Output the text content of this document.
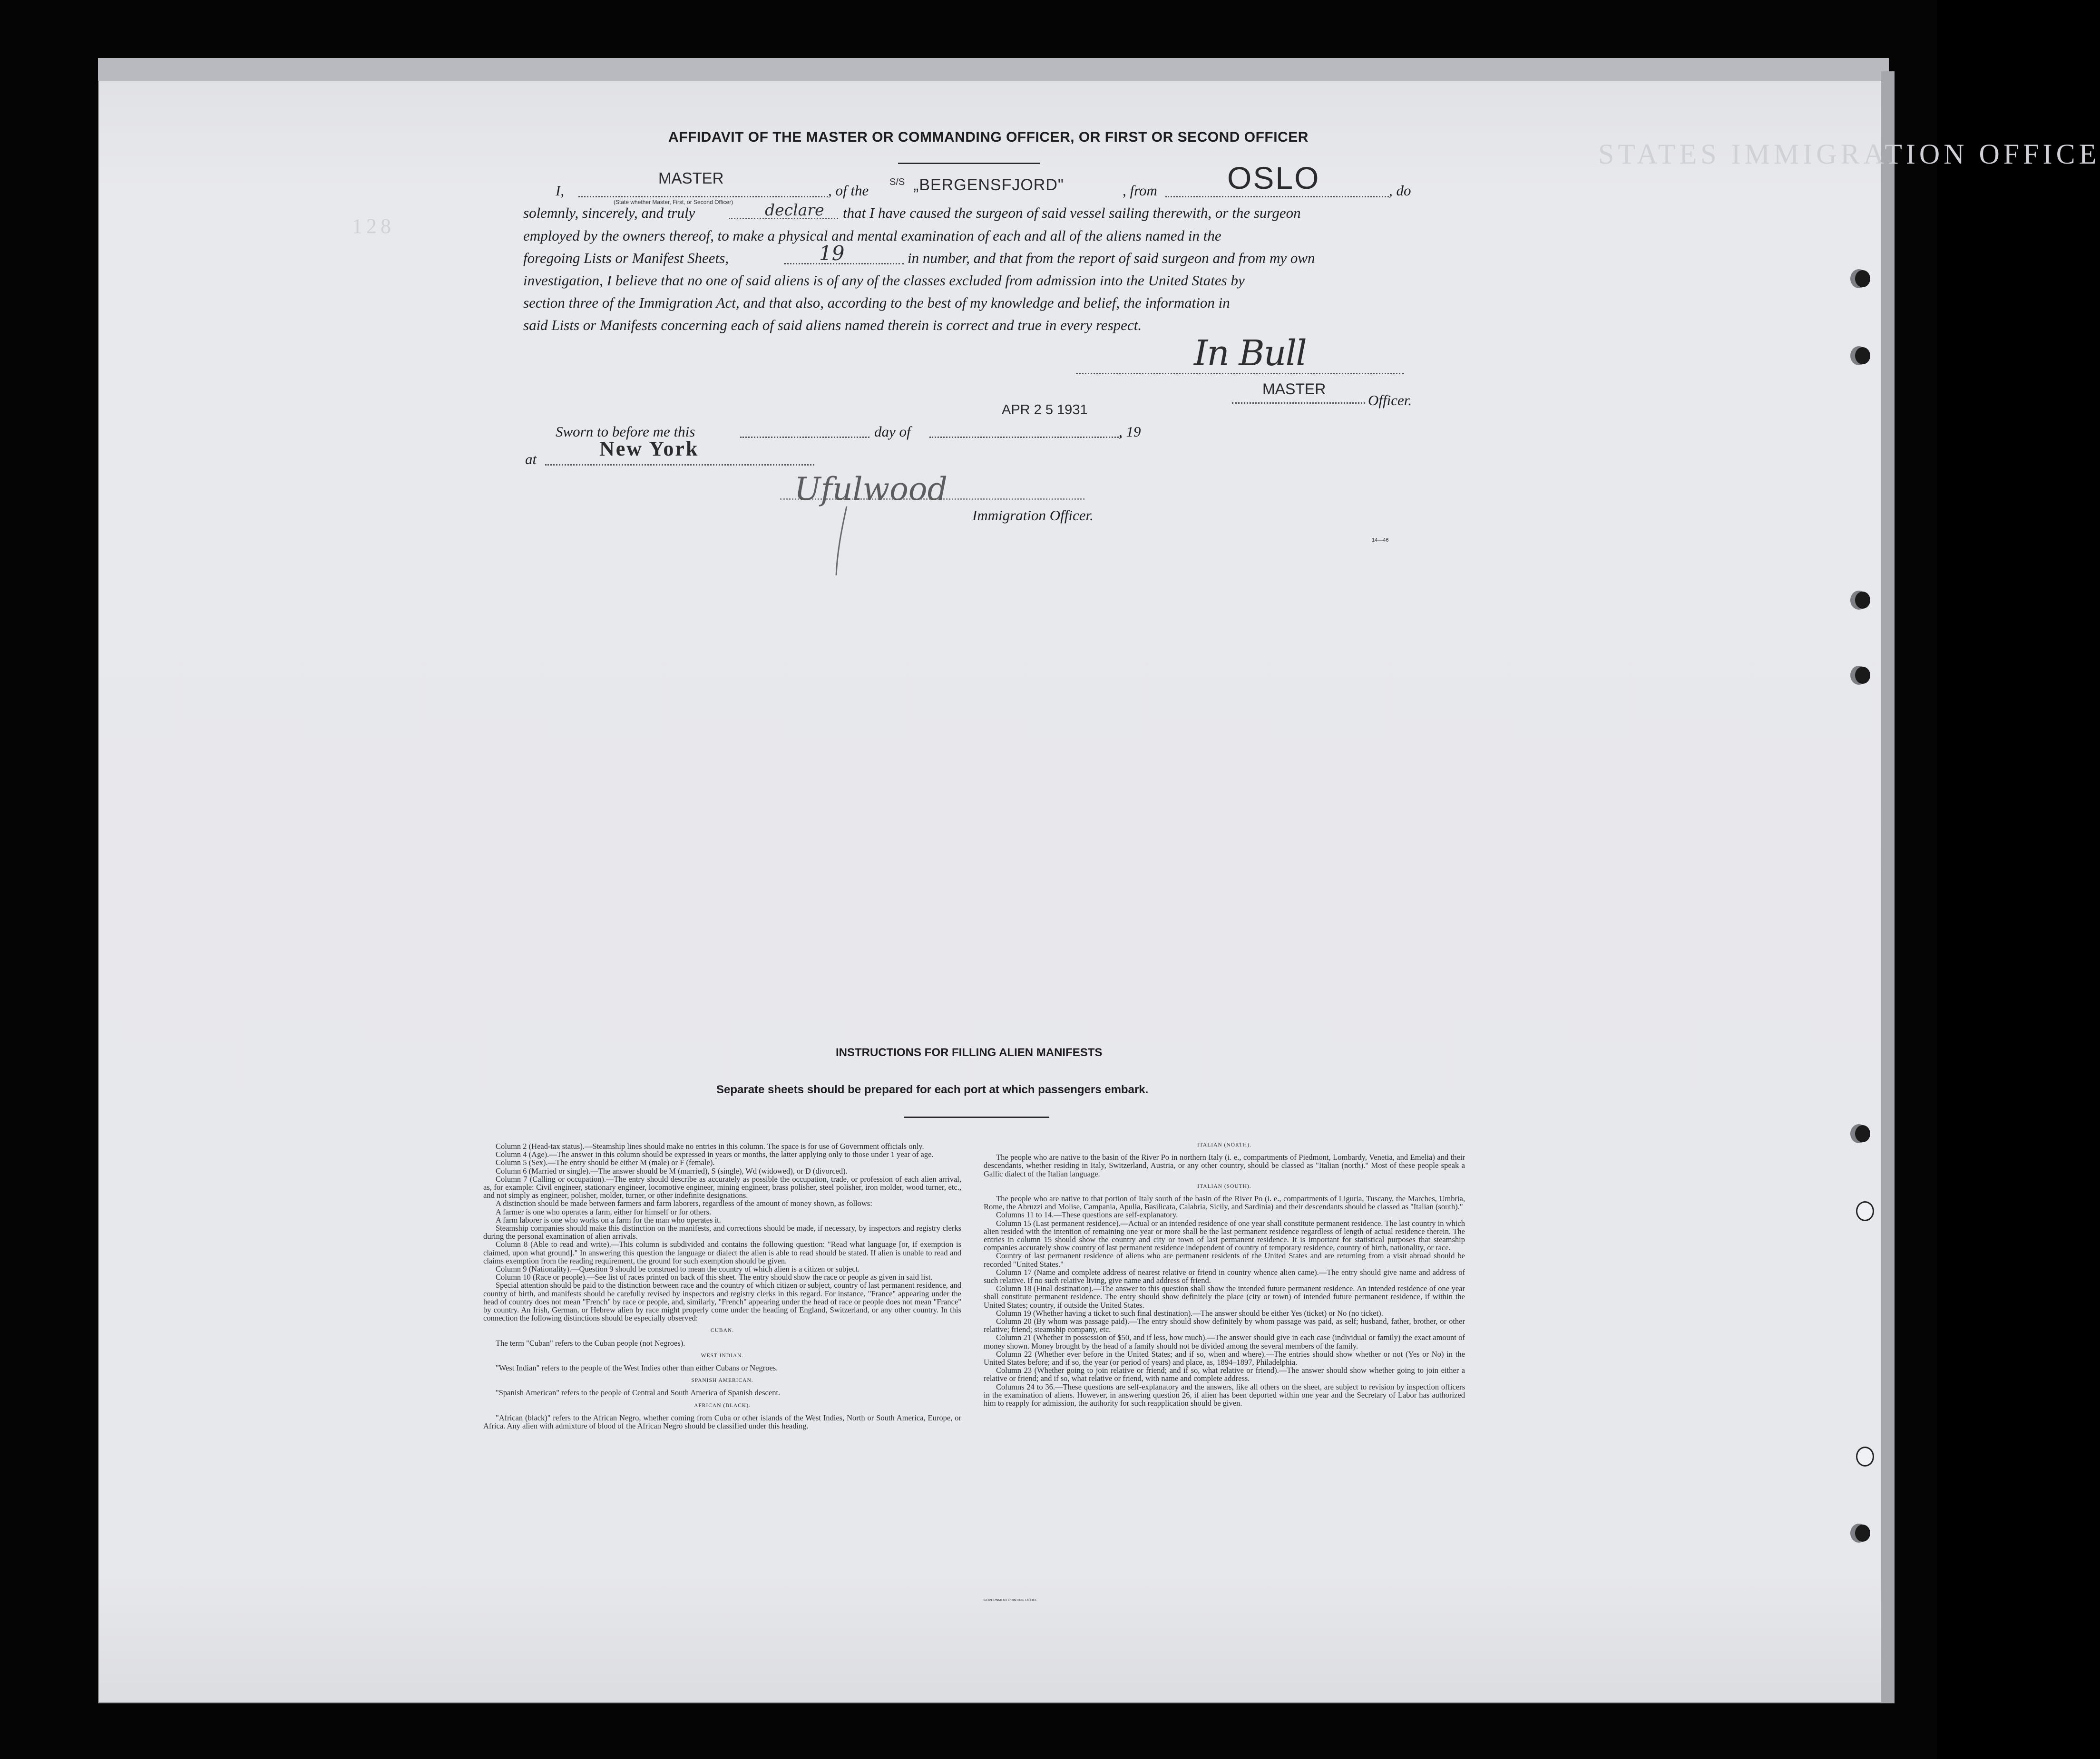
STATES IMMIGRATION OFFICE
128
AFFIDAVIT OF THE MASTER OR COMMANDING OFFICER, OR FIRST OR SECOND OFFICER
I,
MASTER
(State whether Master, First, or Second Officer)
, of the S/S „BERGENSFJORD"	, from OSLO	, do
solemnly, sincerely, and truly	declare that I have caused the surgeon of said vessel sailing therewith, or the surgeon
employed by the owners thereof, to make a physical and mental examination of each and all of the aliens named in the
foregoing Lists or Manifest Sheets,	19	in number, and that from the report of said surgeon and from my own
investigation, I believe that no one of said aliens is of any of the classes excluded from admission into the United States by
section three of the Immigration Act, and that also, according to the best of my knowledge and belief, the information in
said Lists or Manifests concerning each of said aliens named therein is correct and true in every respect.
In Bull
MASTER
Officer.
APR 2 5 1931
Sworn to before me this	day of	, 19
at	New York
Ufulwood
Immigration Officer.
14—46
INSTRUCTIONS FOR FILLING ALIEN MANIFESTS
Separate sheets should be prepared for each port at which passengers embark.

Column 2 (Head-tax status).—Steamship lines should make no entries in this column. The space is for use of Government officials only.

Column 4 (Age).—The answer in this column should be expressed in years or months, the latter applying only to those under 1 year of age.

Column 5 (Sex).—The entry should be either M (male) or F (female).

Column 6 (Married or single).—The answer should be M (married), S (single), Wd (widowed), or D (divorced).

Column 7 (Calling or occupation).—The entry should describe as accurately as possible the occupation, trade, or profession of each alien arrival, as, for example: Civil engineer, stationary engineer, locomotive engineer, mining engineer, brass polisher, steel polisher, iron molder, wood turner, etc., and not simply as engineer, polisher, molder, turner, or other indefinite designations.

A distinction should be made between farmers and farm laborers, regardless of the amount of money shown, as follows:

A farmer is one who operates a farm, either for himself or for others.

A farm laborer is one who works on a farm for the man who operates it.

Steamship companies should make this distinction on the manifests, and corrections should be made, if necessary, by inspectors and registry clerks during the personal examination of alien arrivals.

Column 8 (Able to read and write).—This column is subdivided and contains the following question: "Read what language [or, if exemption is claimed, upon what ground]." In answering this question the language or dialect the alien is able to read should be stated. If alien is unable to read and claims exemption from the reading requirement, the ground for such exemption should be given.

Column 9 (Nationality).—Question 9 should be construed to mean the country of which alien is a citizen or subject.

Column 10 (Race or people).—See list of races printed on back of this sheet. The entry should show the race or people as given in said list.

Special attention should be paid to the distinction between race and the country of which citizen or subject, country of last permanent residence, and country of birth, and manifests should be carefully revised by inspectors and registry clerks in this regard. For instance, "France" appearing under the head of country does not mean "French" by race or people, and, similarly, "French" appearing under the head of race or people does not mean "France" by country. An Irish, German, or Hebrew alien by race might properly come under the heading of England, Switzerland, or any other country. In this connection the following distinctions should be especially observed:

CUBAN.

The term "Cuban" refers to the Cuban people (not Negroes).

WEST INDIAN.

"West Indian" refers to the people of the West Indies other than either Cubans or Negroes.

SPANISH AMERICAN.

"Spanish American" refers to the people of Central and South America of Spanish descent.

AFRICAN (BLACK).

"African (black)" refers to the African Negro, whether coming from Cuba or other islands of the West Indies, North or South America, Europe, or Africa. Any alien with admixture of blood of the African Negro should be classified under this heading.

ITALIAN (NORTH).

The people who are native to the basin of the River Po in northern Italy (i. e., compartments of Piedmont, Lombardy, Venetia, and Emelia) and their descendants, whether residing in Italy, Switzerland, Austria, or any other country, should be classed as "Italian (north)." Most of these people speak a Gallic dialect of the Italian language.

ITALIAN (SOUTH).

The people who are native to that portion of Italy south of the basin of the River Po (i. e., compartments of Liguria, Tuscany, the Marches, Umbria, Rome, the Abruzzi and Molise, Campania, Apulia, Basilicata, Calabria, Sicily, and Sardinia) and their descendants should be classed as "Italian (south)."

Columns 11 to 14.—These questions are self-explanatory.

Column 15 (Last permanent residence).—Actual or an intended residence of one year shall constitute permanent residence. The last country in which alien resided with the intention of remaining one year or more shall be the last permanent residence regardless of length of actual residence therein. The entries in column 15 should show the country and city or town of last permanent residence. It is important for statistical purposes that steamship companies accurately show country of last permanent residence independent of country of temporary residence, country of birth, nationality, or race.

Country of last permanent residence of aliens who are permanent residents of the United States and are returning from a visit abroad should be recorded "United States."

Column 17 (Name and complete address of nearest relative or friend in country whence alien came).—The entry should give name and address of such relative. If no such relative living, give name and address of friend.

Column 18 (Final destination).—The answer to this question shall show the intended future permanent residence. An intended residence of one year shall constitute permanent residence. The entry should show definitely the place (city or town) of intended future permanent residence, if within the United States; country, if outside the United States.

Column 19 (Whether having a ticket to such final destination).—The answer should be either Yes (ticket) or No (no ticket).

Column 20 (By whom was passage paid).—The entry should show definitely by whom passage was paid, as self; husband, father, brother, or other relative; friend; steamship company, etc.

Column 21 (Whether in possession of $50, and if less, how much).—The answer should give in each case (individual or family) the exact amount of money shown. Money brought by the head of a family should not be divided among the several members of the family.

Column 22 (Whether ever before in the United States; and if so, when and where).—The entries should show whether or not (Yes or No) in the United States before; and if so, the year (or period of years) and place, as, 1894–1897, Philadelphia.

Column 23 (Whether going to join relative or friend; and if so, what relative or friend).—The answer should show whether going to join either a relative or friend; and if so, what relative or friend, with name and complete address.

Columns 24 to 36.—These questions are self-explanatory and the answers, like all others on the sheet, are subject to revision by inspection officers in the examination of aliens. However, in answering question 26, if alien has been deported within one year and the Secretary of Labor has authorized him to reapply for admission, the authority for such reapplication should be given.

GOVERNMENT PRINTING OFFICE
